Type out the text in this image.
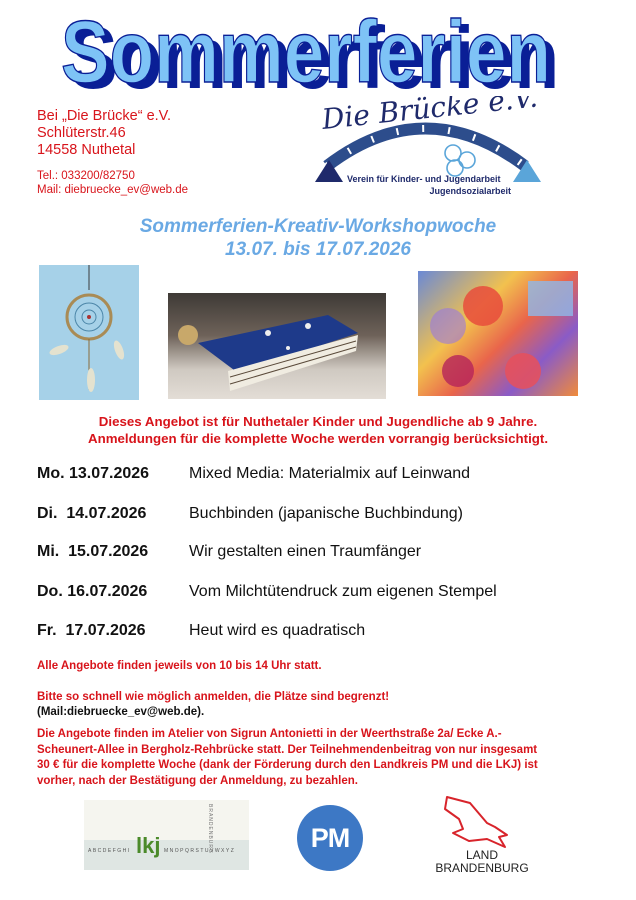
Sommerferien
Sommerferien
Bei „Die Brücke“ e.V.
Schlüterstr.46
14558 Nuthetal
Tel.: 033200/82750
Mail: diebruecke_ev@web.de
Die Brücke e.V.
Verein für Kinder- und Jugendarbeit
Jugendsozialarbeit
Sommerferien-Kreativ-Workshopwoche
13.07. bis 17.07.2026
Dieses Angebot ist für Nuthetaler Kinder und Jugendliche ab 9 Jahre.
Anmeldungen für die komplette Woche werden vorrangig berücksichtigt.
Mo. 13.07.2026 Mixed Media: Materialmix auf Leinwand
Di.  14.07.2026	Buchbinden (japanische Buchbindung)
Mi.  15.07.2026	Wir gestalten einen Traumfänger
Do. 16.07.2026	Vom Milchtütendruck zum eigenen Stempel
Fr.  17.07.2026	Heut wird es quadratisch
Alle Angebote finden jeweils von 10 bis 14 Uhr statt.
Bitte so schnell wie möglich anmelden, die Plätze sind begrenzt!
(Mail:diebruecke_ev@web.de).
Die Angebote finden im Atelier von Sigrun Antonietti in der Weerthstraße 2a/ Ecke A.-
Scheunert-Allee in Bergholz-Rehbrücke statt. Der Teilnehmendenbeitrag von nur insgesamt
30 € für die komplette Woche (dank der Förderung durch den Landkreis PM und die LKJ) ist
vorher, nach der Bestätigung der Anmeldung, zu bezahlen.
ABCDEFGHI lkj MNOPQRSTUVWXYZ
BRANDENBURG	PM
LAND
BRANDENBURG
